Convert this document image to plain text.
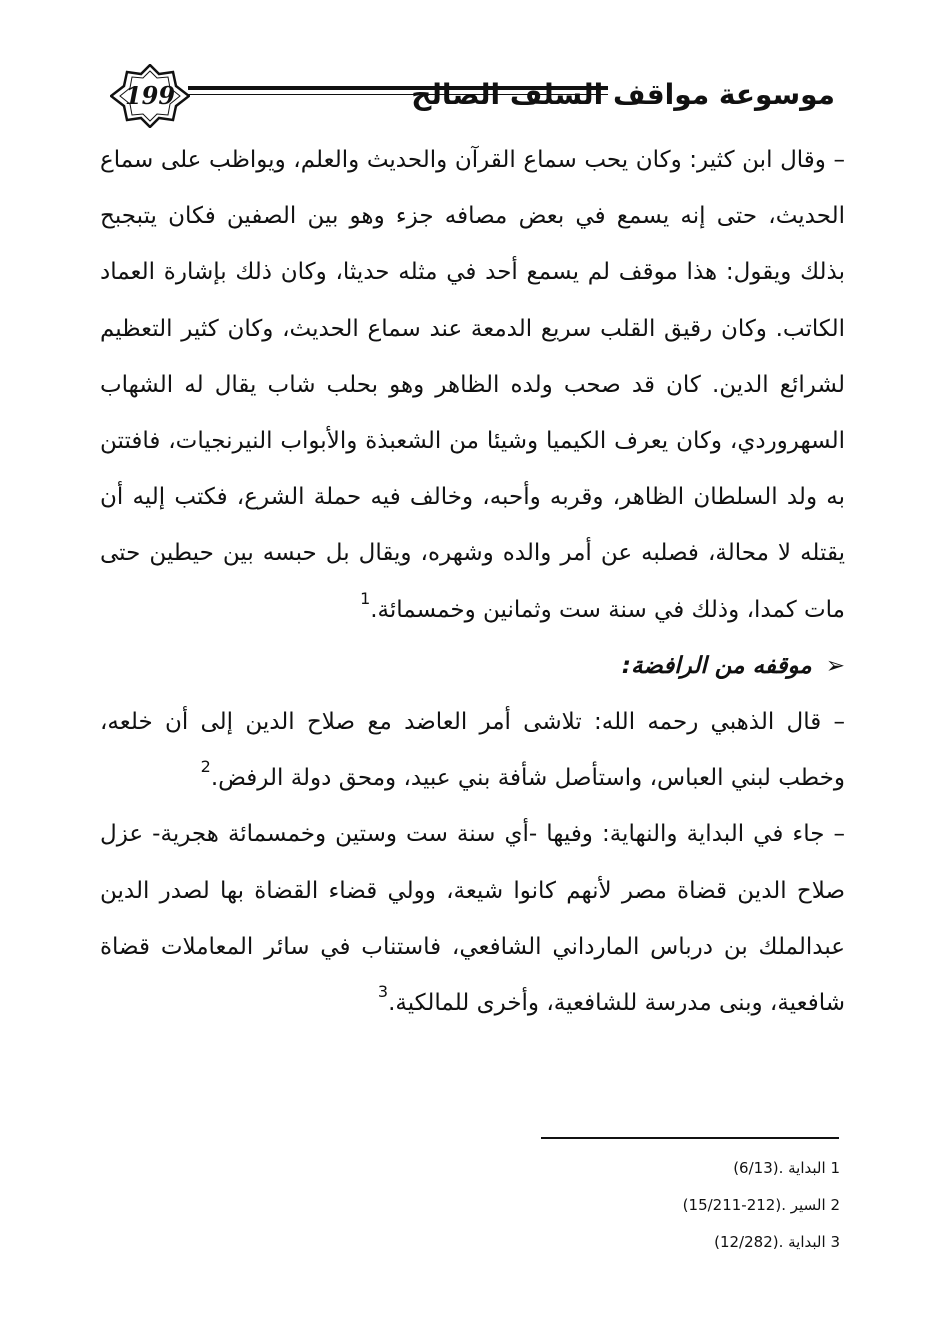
199	موسوعة مواقف السلف الصالح

– وقال ابن كثير: وكان يحب سماع القرآن والحديث والعلم، ويواظب على سماع الحديث، حتى إنه يسمع في بعض مصافه جزء وهو بين الصفين فكان يتبجبح بذلك ويقول: هذا موقف لم يسمع أحد في مثله حديثا، وكان ذلك بإشارة العماد الكاتب. وكان رقيق القلب سريع الدمعة عند سماع الحديث، وكان كثير التعظيم لشرائع الدين. كان قد صحب ولده الظاهر وهو بحلب شاب يقال له الشهاب السهروردي، وكان يعرف الكيميا وشيئا من الشعبذة والأبواب النيرنجيات، فافتتن به ولد السلطان الظاهر، وقربه وأحبه، وخالف فيه حملة الشرع، فكتب إليه أن يقتله لا محالة، فصلبه عن أمر والده وشهره، ويقال بل حبسه بين حيطين حتى مات كمدا، وذلك في سنة ست وثمانين وخمسمائة.$^1$

➢موقفه من الرافضة:

– قال الذهبي رحمه الله: تلاشى أمر العاضد مع صلاح الدين إلى أن خلعه، وخطب لبني العباس، واستأصل شأفة بني عبيد، ومحق دولة الرفض.$^2$

– جاء في البداية والنهاية: وفيها -أي سنة ست وستين وخمسمائة هجرية- عزل صلاح الدين قضاة مصر لأنهم كانوا شيعة، وولي قضاء القضاة بها لصدر الدين عبدالملك بن درباس المارداني الشافعي، فاستناب في سائر المعاملات قضاة شافعية، وبنى مدرسة للشافعية، وأخرى للمالكية.$^3$

1 البداية (6/13).

2 السير (15/211-212).

3 البداية (12/282).
